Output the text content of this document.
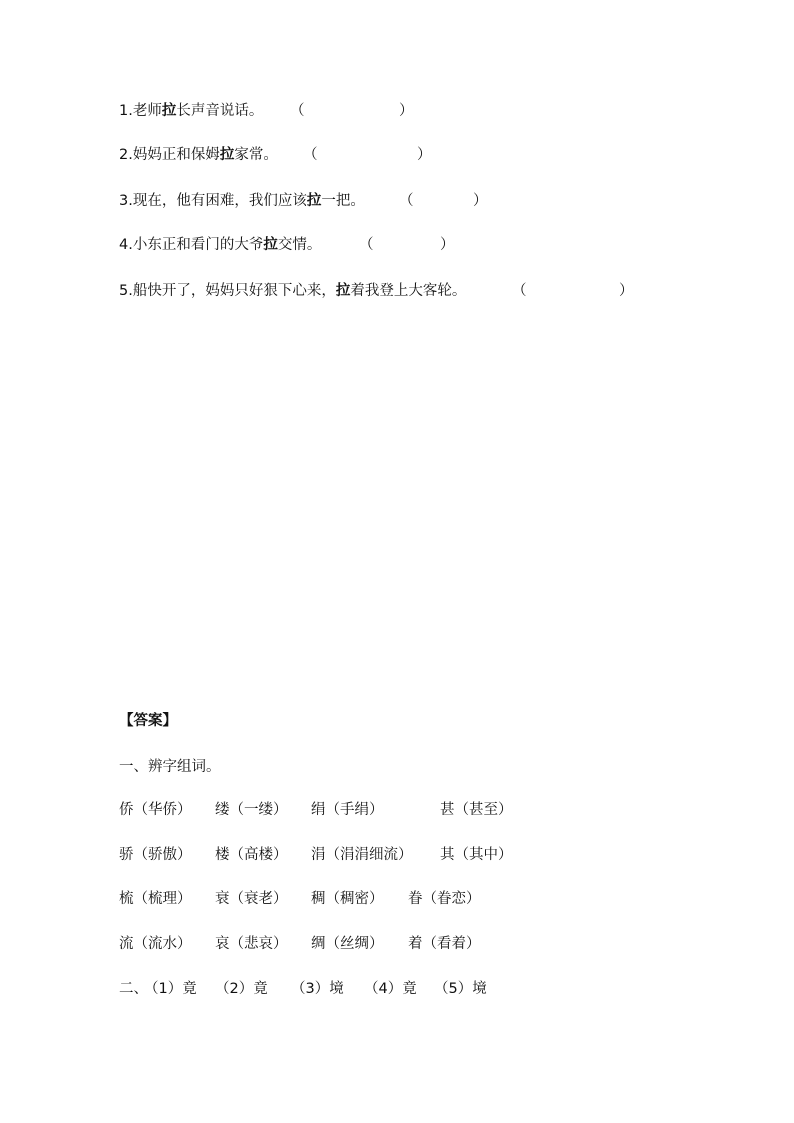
1.老师拉长声音说话。 （	）
2.妈妈正和保姆拉家常。 （	）
3.现在，他有困难，我们应该拉一把。 （	）
4.小东正和看门的大爷拉交情。	（	）
5.船快开了，妈妈只好狠下心来，拉着我登上大客轮。	（	）
【答案】
一、辨字组词。
侨（华侨） 缕（一缕） 绢（手绢）	甚（甚至）
骄（骄傲） 楼（高楼） 涓（涓涓细流） 其（其中）
梳（梳理） 衰（衰老） 稠（稠密） 眷（眷恋）
流（流水） 哀（悲哀） 绸（丝绸） 着（看着）
二、
（1）竟 （2）竟 （3）境 （4）竟 （5）境
